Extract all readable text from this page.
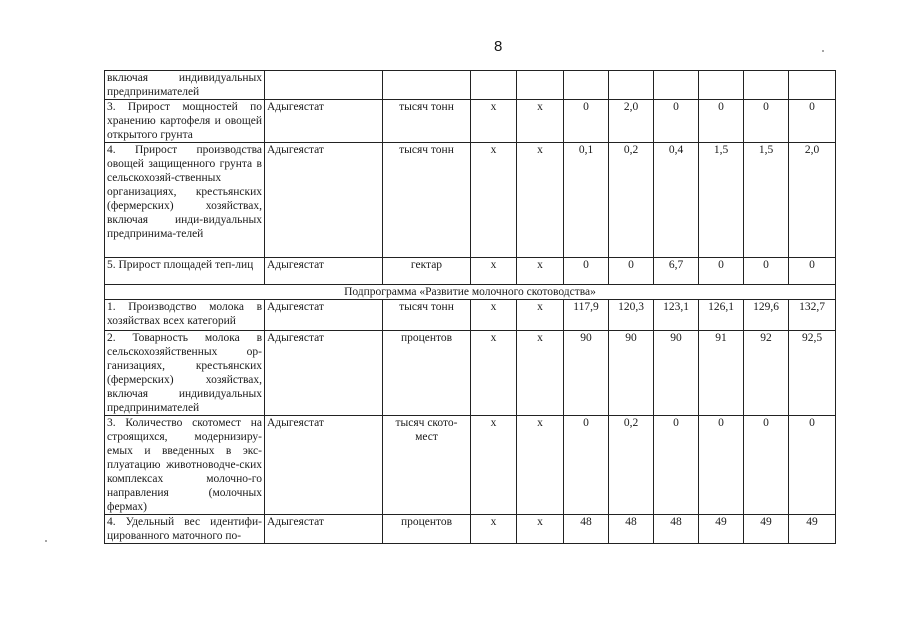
8
включая индивидуальных предпринимателей										
3. Прирост мощностей по хранению картофеля и овощей открытого грунта	Адыгеястат	тысяч тонн	х	х	0	2,0	0	0	0	0
4. Прирост производства овощей защищенного грунта в сельскохозяй-ственных организациях, крестьянских (фермерских) хозяйствах, включая инди-видуальных предпринима-телей	Адыгеястат	тысяч тонн	х	х	0,1	0,2	0,4	1,5	1,5	2,0
5. Прирост площадей теп-лиц	Адыгеястат	гектар	х	х	0	0	6,7	0	0	0
Подпрограмма «Развитие молочного скотоводства»										
1. Производство молока в хозяйствах всех категорий	Адыгеястат	тысяч тонн	х	х	117,9	120,3	123,1	126,1	129,6	132,7
2. Товарность молока в сельскохозяйственных ор-ганизациях, крестьянских (фермерских) хозяйствах, включая индивидуальных предпринимателей	Адыгеястат	процентов	х	х	90	90	90	91	92	92,5
3. Количество скотомест на строящихся, модернизиру-емых и введенных в экс-плуатацию животноводче-ских комплексах молочно-го направления (молочных фермах)	Адыгеястат	тысяч ското-мест	х	х	0	0,2	0	0	0	0
4. Удельный вес идентифи-цированного маточного по-	Адыгеястат	процентов	х	х	48	48	48	49	49	49
